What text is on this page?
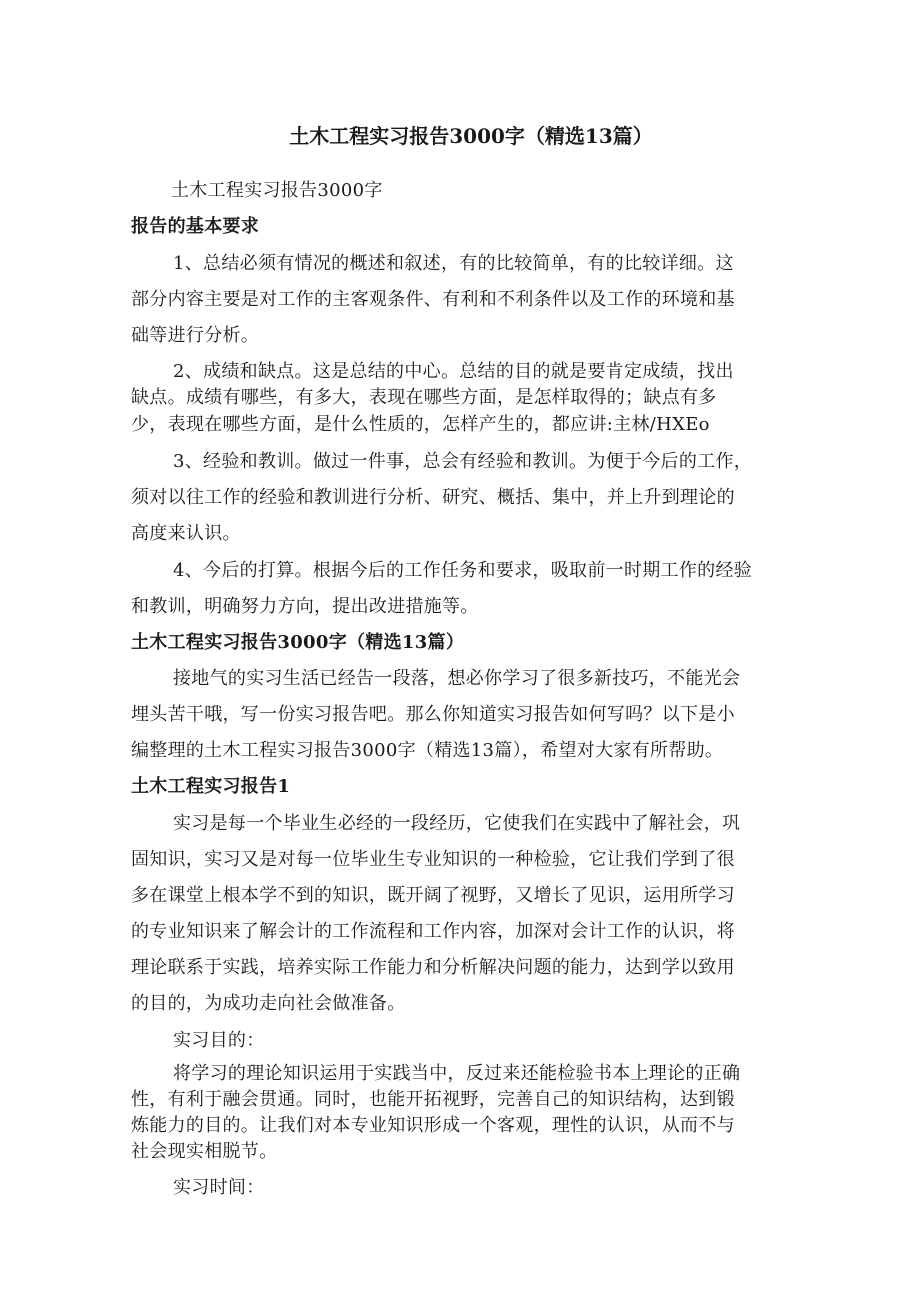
土木工程实习报告3000字（精选13篇）
土木工程实习报告3000字
报告的基本要求
1、总结必须有情况的概述和叙述，有的比较简单，有的比较详细。这
部分内容主要是对工作的主客观条件、有利和不利条件以及工作的环境和基
础等进行分析。
2、成绩和缺点。这是总结的中心。总结的目的就是要肯定成绩，找出
缺点。成绩有哪些，有多大，表现在哪些方面，是怎样取得的；缺点有多
少，表现在哪些方面，是什么性质的，怎样产生的，都应讲:主林/HXEo
3、经验和教训。做过一件事，总会有经验和教训。为便于今后的工作，
须对以往工作的经验和教训进行分析、研究、概括、集中，并上升到理论的
高度来认识。
4、今后的打算。根据今后的工作任务和要求，吸取前一时期工作的经验
和教训，明确努力方向，提出改进措施等。
土木工程实习报告3000字（精选13篇）
接地气的实习生活已经告一段落，想必你学习了很多新技巧，不能光会
埋头苦干哦，写一份实习报告吧。那么你知道实习报告如何写吗？以下是小
编整理的土木工程实习报告3000字（精选13篇），希望对大家有所帮助。
土木工程实习报告1
实习是每一个毕业生必经的一段经历，它使我们在实践中了解社会，巩
固知识，实习又是对每一位毕业生专业知识的一种检验，它让我们学到了很
多在课堂上根本学不到的知识，既开阔了视野，又增长了见识，运用所学习
的专业知识来了解会计的工作流程和工作内容，加深对会计工作的认识，将
理论联系于实践，培养实际工作能力和分析解决问题的能力，达到学以致用
的目的，为成功走向社会做准备。
实习目的：
将学习的理论知识运用于实践当中，反过来还能检验书本上理论的正确
性，有利于融会贯通。同时，也能开拓视野，完善自己的知识结构，达到锻
炼能力的目的。让我们对本专业知识形成一个客观，理性的认识，从而不与
社会现实相脱节。
实习时间：
